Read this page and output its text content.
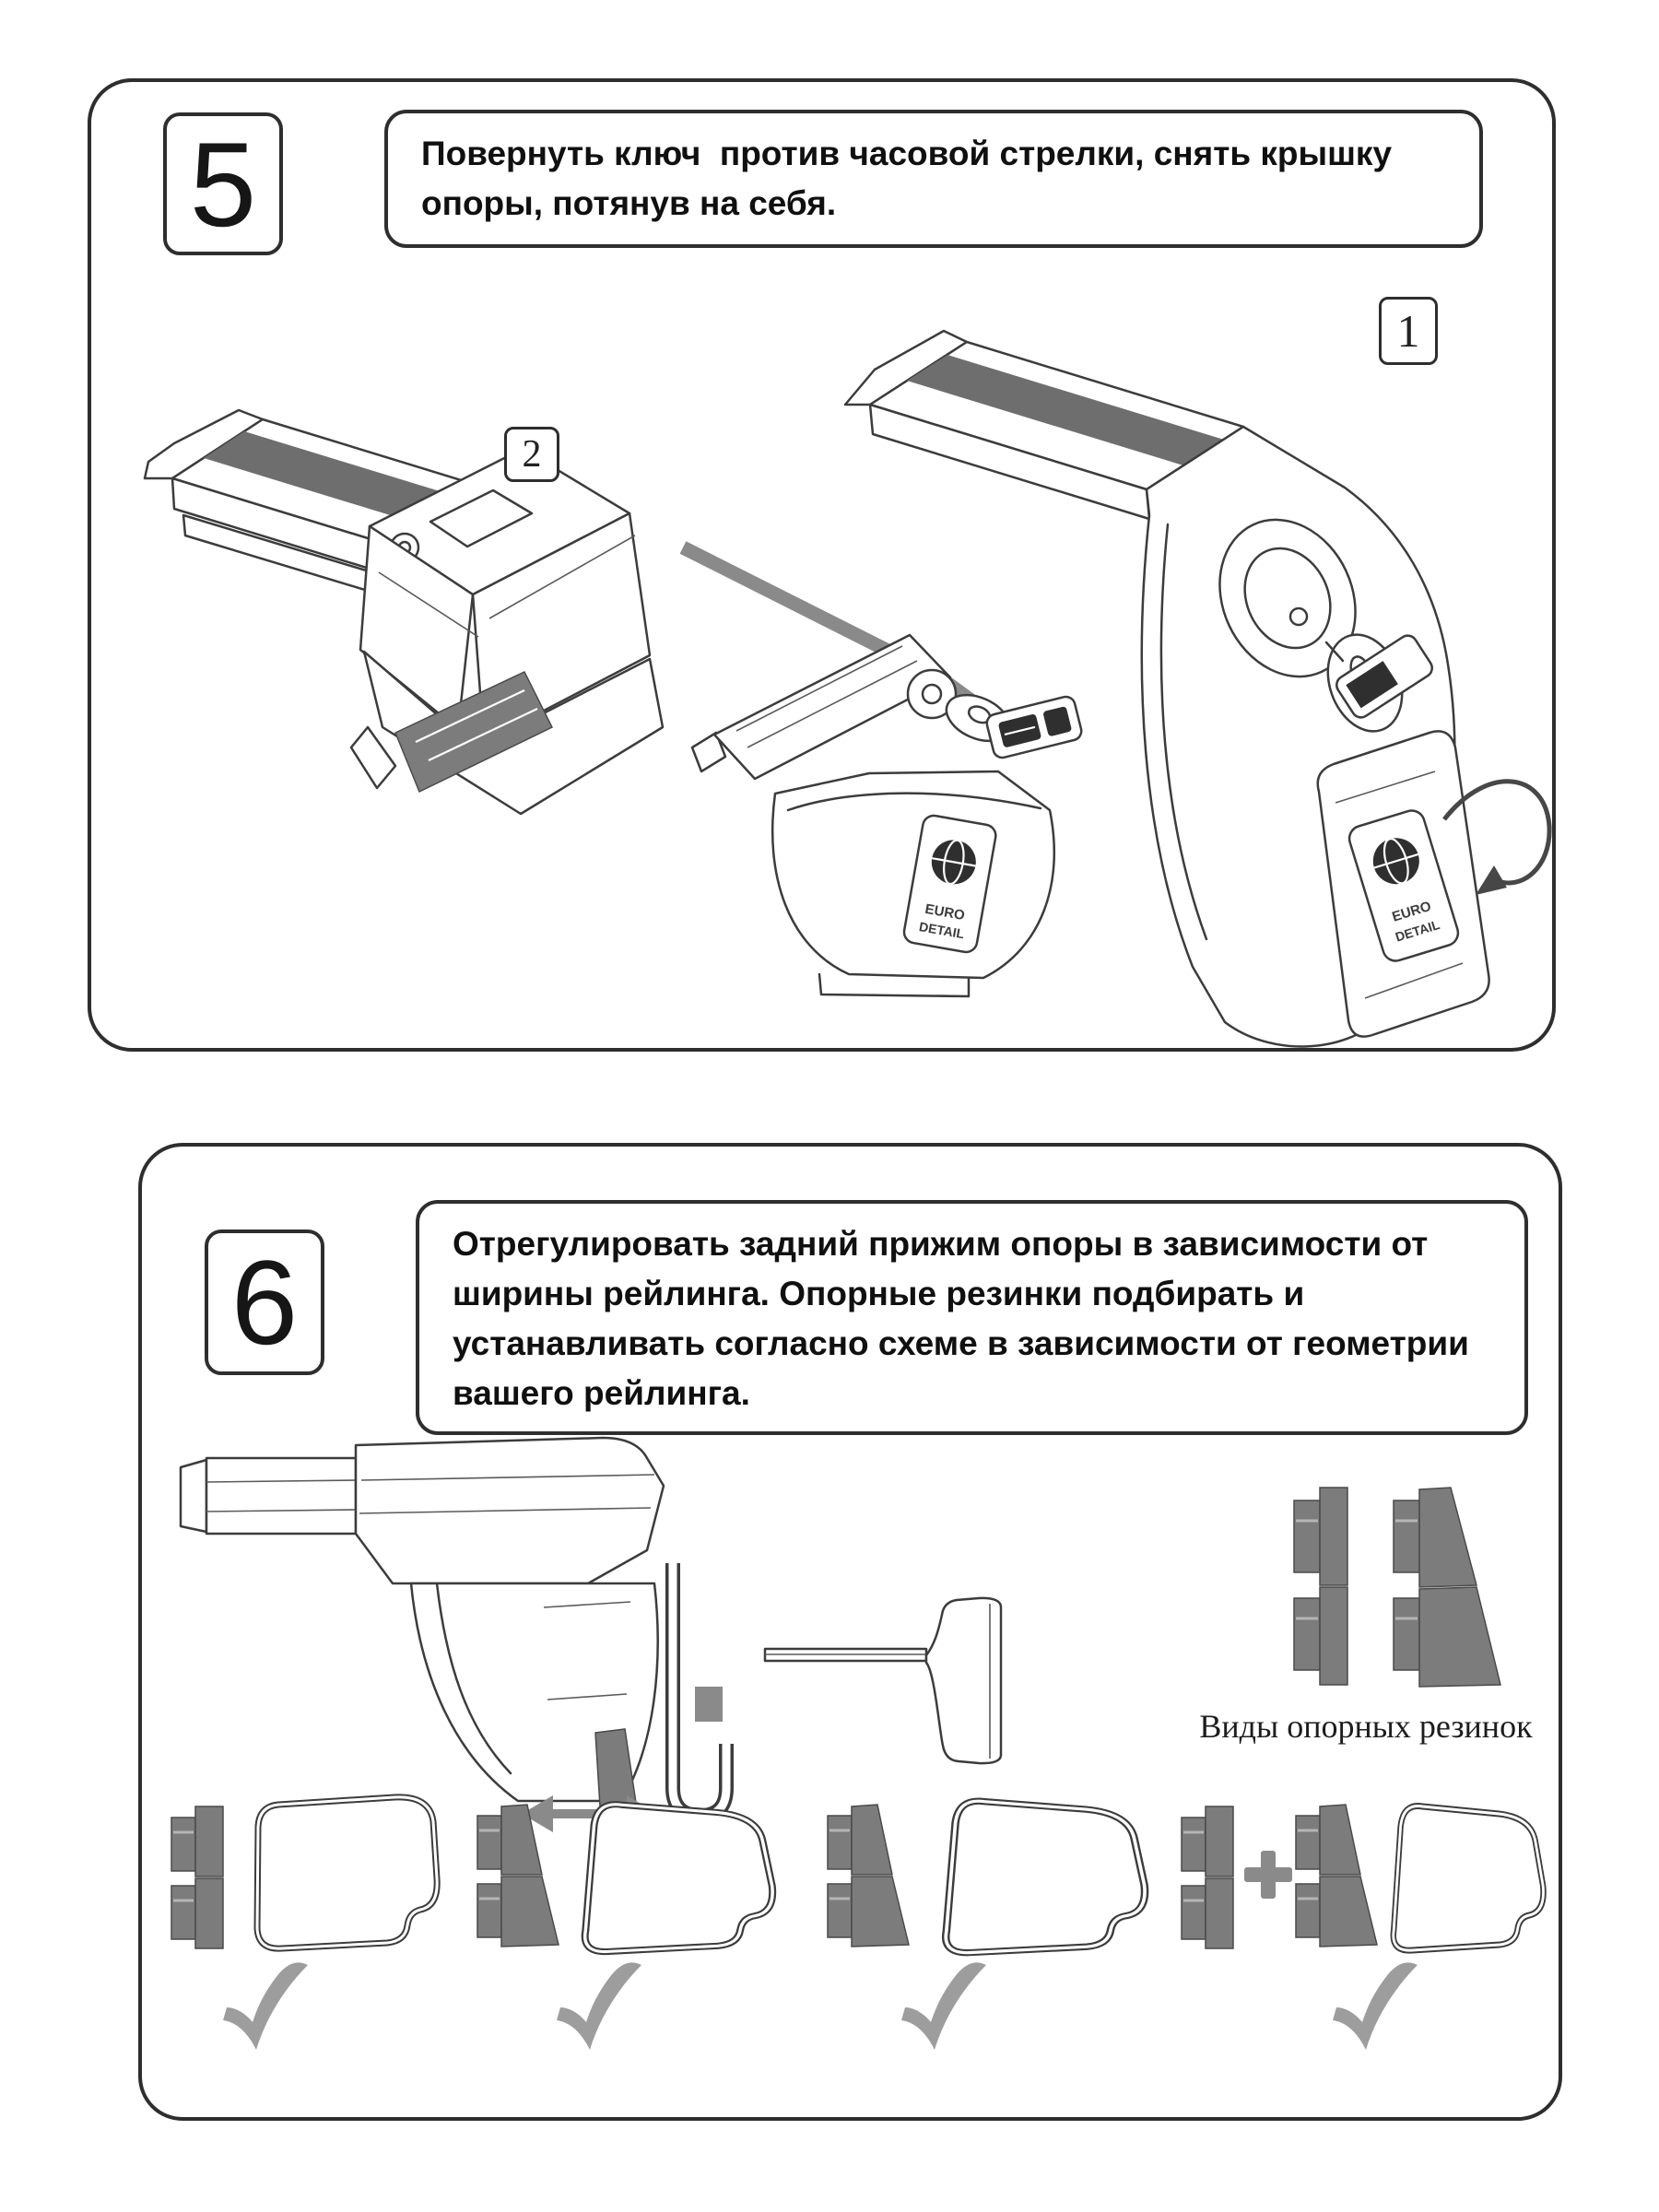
5	Повернуть ключ  против часовой стрелки, снять крышку
опоры, потянув на себя.
EURO
DETAIL
EURO
DETAIL
2
1
6	Отрегулировать задний прижим опоры в зависимости от
ширины рейлинга. Опорные резинки подбирать и
устанавливать согласно схеме в зависимости от геометрии
вашего рейлинга.
Виды опорных резинок
